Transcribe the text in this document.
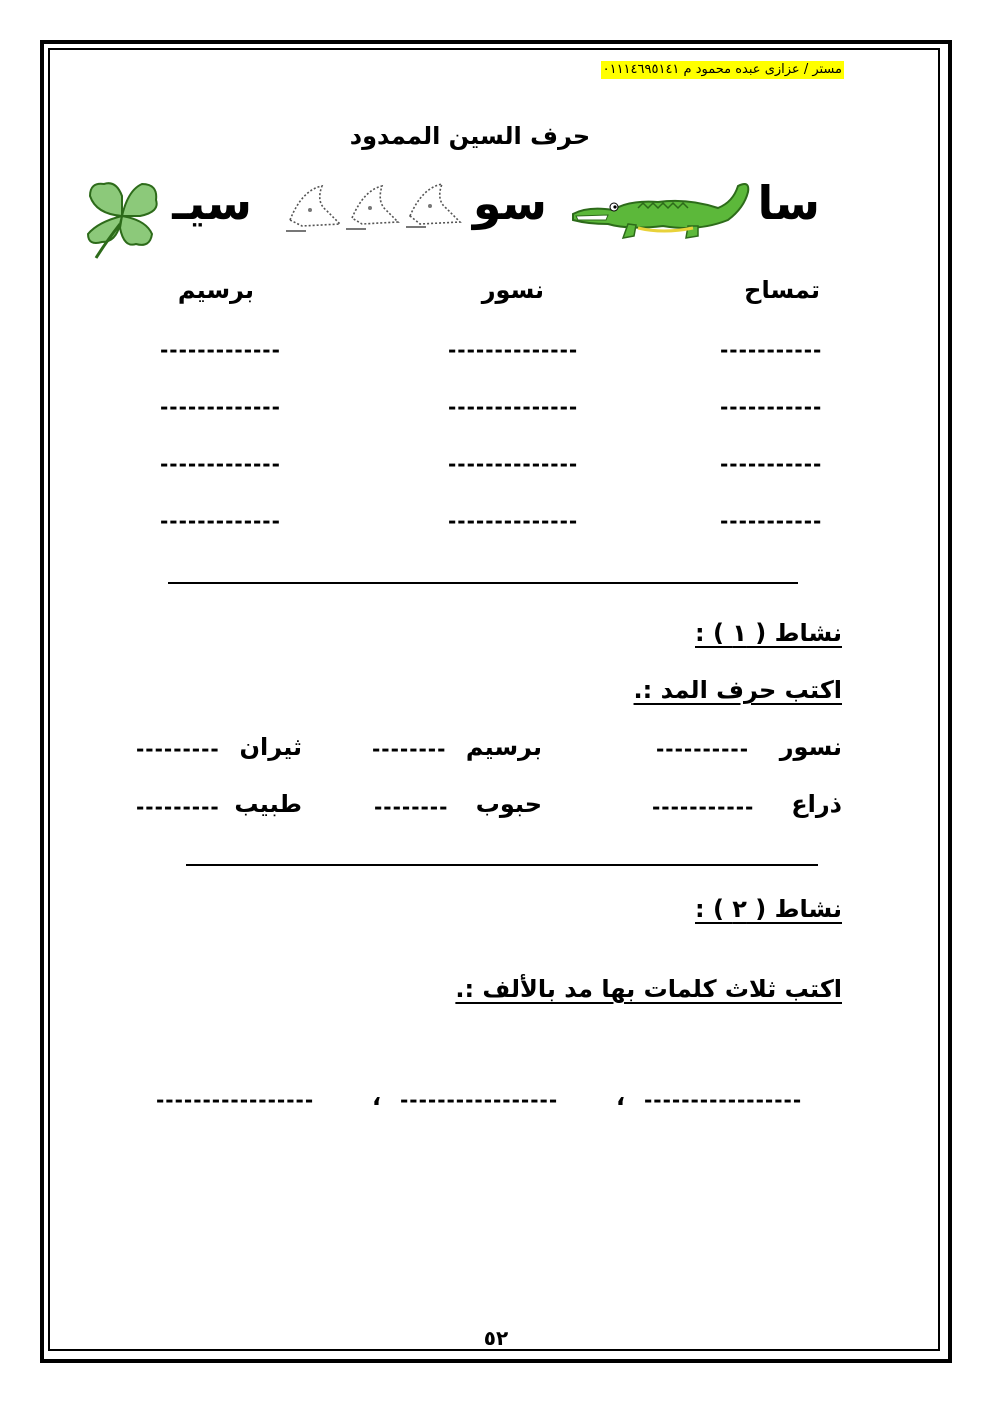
مستر / عزازى عبده محمود م ٠١١١٤٦٩٥١٤١
حرف السين الممدود
سا
سو
سيـ
تمساح
نسور
برسيم
-----------
--------------
-------------
-----------
--------------
-------------
-----------
--------------
-------------
-----------
--------------
-------------
نشاط ( ١ ) :
اكتب حرف المد :.
نسور
----------
برسيم
--------
ثيران
---------
ذراع
-----------
حبوب
--------
طبيب
---------
نشاط ( ٢ ) :
اكتب ثلاث كلمات بها مد بالألف :.
-----------------
،
-----------------
،
-----------------
٥٢
